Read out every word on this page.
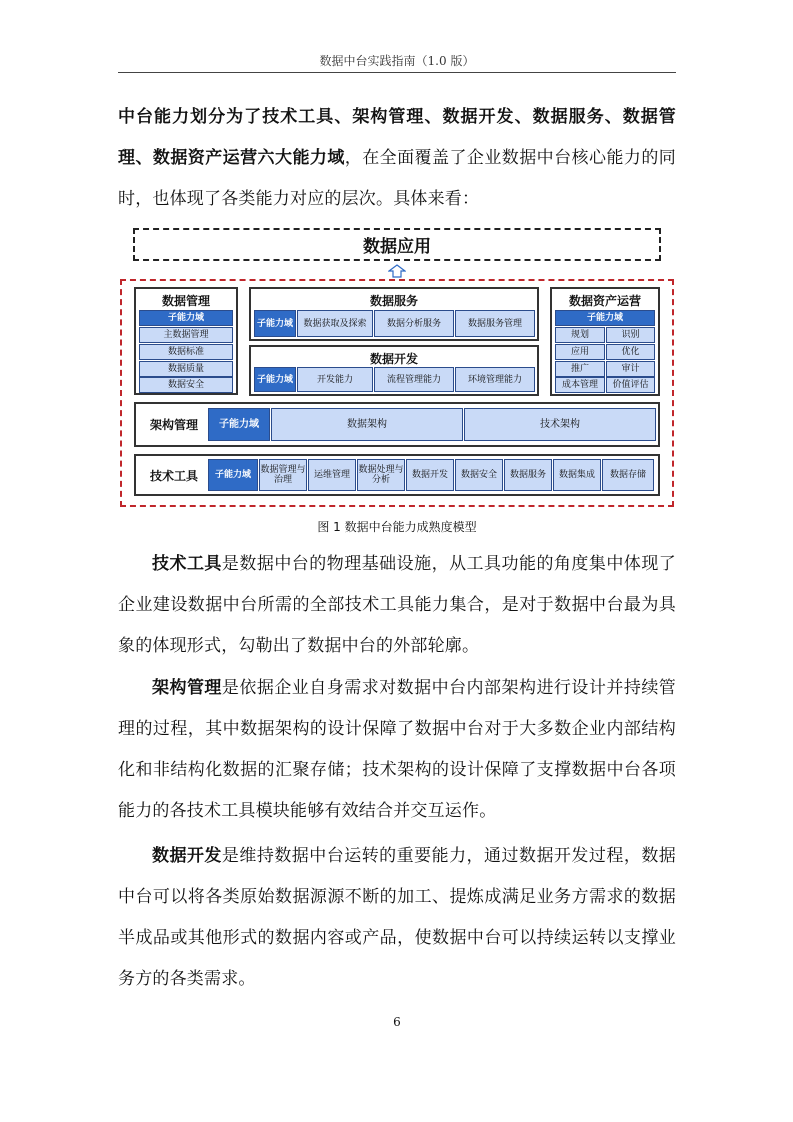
数据中台实践指南（1.0 版）

中台能力划分为了技术工具、架构管理、数据开发、数据服务、数据管理、数据资产运营六大能力域，在全面覆盖了企业数据中台核心能力的同时，也体现了各类能力对应的层次。具体来看：

数据应用
数据管理
子能力域
主数据管理
数据标准
数据质量
数据安全
数据服务
子能力域	数据获取及探索	数据分析服务	数据服务管理
数据开发
子能力域	开发能力	流程管理能力	环境管理能力
数据资产运营
子能力域
规划	识别
应用	优化
推广	审计
成本管理	价值评估
架构管理	子能力域	数据架构	技术架构
技术工具	子能力域	数据管理与治理	运维管理 数据处理与分析	数据开发	数据安全	数据服务	数据集成	数据存储
图 1 数据中台能力成熟度模型

技术工具是数据中台的物理基础设施，从工具功能的角度集中体现了企业建设数据中台所需的全部技术工具能力集合，是对于数据中台最为具象的体现形式，勾勒出了数据中台的外部轮廓。

架构管理是依据企业自身需求对数据中台内部架构进行设计并持续管理的过程，其中数据架构的设计保障了数据中台对于大多数企业内部结构化和非结构化数据的汇聚存储；技术架构的设计保障了支撑数据中台各项能力的各技术工具模块能够有效结合并交互运作。

数据开发是维持数据中台运转的重要能力，通过数据开发过程，数据中台可以将各类原始数据源源不断的加工、提炼成满足业务方需求的数据半成品或其他形式的数据内容或产品，使数据中台可以持续运转以支撑业务方的各类需求。

6
